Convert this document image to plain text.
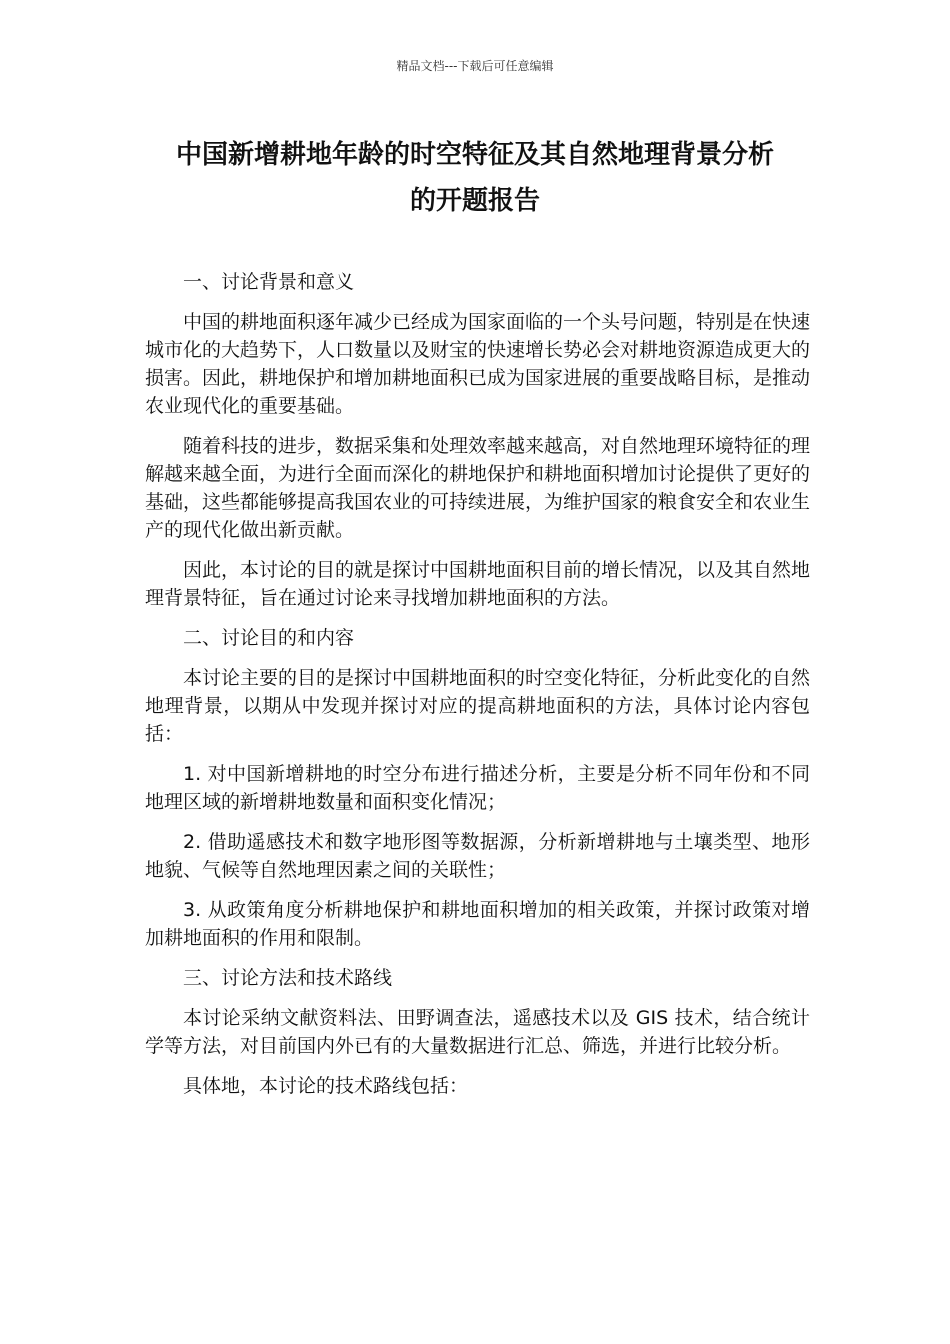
精品文档---下载后可任意编辑
中国新增耕地年龄的时空特征及其自然地理背景分析
的开题报告

一、讨论背景和意义

中国的耕地面积逐年减少已经成为国家面临的一个头号问题，特别是在快速城市化的大趋势下，人口数量以及财宝的快速增长势必会对耕地资源造成更大的损害。因此，耕地保护和增加耕地面积已成为国家进展的重要战略目标，是推动农业现代化的重要基础。

随着科技的进步，数据采集和处理效率越来越高，对自然地理环境特征的理解越来越全面，为进行全面而深化的耕地保护和耕地面积增加讨论提供了更好的基础，这些都能够提高我国农业的可持续进展，为维护国家的粮食安全和农业生产的现代化做出新贡献。

因此，本讨论的目的就是探讨中国耕地面积目前的增长情况，以及其自然地理背景特征，旨在通过讨论来寻找增加耕地面积的方法。

二、讨论目的和内容

本讨论主要的目的是探讨中国耕地面积的时空变化特征，分析此变化的自然地理背景，以期从中发现并探讨对应的提高耕地面积的方法，具体讨论内容包括：

1. 对中国新增耕地的时空分布进行描述分析，主要是分析不同年份和不同地理区域的新增耕地数量和面积变化情况；

2. 借助遥感技术和数字地形图等数据源，分析新增耕地与土壤类型、地形地貌、气候等自然地理因素之间的关联性；

3. 从政策角度分析耕地保护和耕地面积增加的相关政策，并探讨政策对增加耕地面积的作用和限制。

三、讨论方法和技术路线

本讨论采纳文献资料法、田野调查法，遥感技术以及 GIS 技术，结合统计学等方法，对目前国内外已有的大量数据进行汇总、筛选，并进行比较分析。

具体地，本讨论的技术路线包括：
